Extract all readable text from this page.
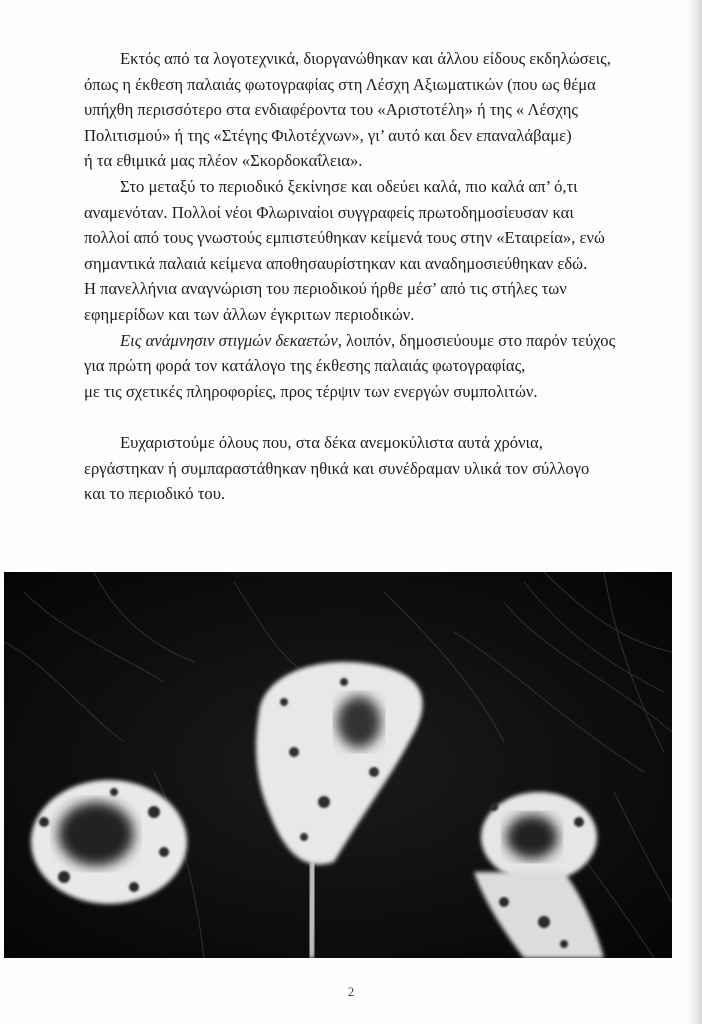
Εκτός από τα λογοτεχνικά, διοργανώθηκαν και άλλου είδους εκδηλώσεις,
όπως η έκθεση παλαιάς φωτογραφίας στη Λέσχη Αξιωματικών (που ως θέμα
υπήχθη περισσότερο στα ενδιαφέροντα του «Αριστοτέλη» ή της « Λέσχης
Πολιτισμού» ή της «Στέγης Φιλοτέχνων», γι’ αυτό και δεν επαναλάβαμε)
ή τα εθιμικά μας πλέον «Σκορδοκαΐλεια».
Στο μεταξύ το περιοδικό ξεκίνησε και οδεύει καλά, πιο καλά απ’ ό,τι
αναμενόταν. Πολλοί νέοι Φλωριναίοι συγγραφείς πρωτοδημοσίευσαν και
πολλοί από τους γνωστούς εμπιστεύθηκαν κείμενά τους στην «Εταιρεία», ενώ
σημαντικά παλαιά κείμενα αποθησαυρίστηκαν και αναδημοσιεύθηκαν εδώ.
Η πανελλήνια αναγνώριση του περιοδικού ήρθε μέσ’ από τις στήλες των
εφημερίδων και των άλλων έγκριτων περιοδικών.
Εις ανάμνησιν στιγμών δεκαετών, λοιπόν, δημοσιεύουμε στο παρόν τεύχος
για πρώτη φορά τον κατάλογο της έκθεσης παλαιάς φωτογραφίας,
με τις σχετικές πληροφορίες, προς τέρψιν των ενεργών συμπολιτών.
Ευχαριστούμε όλους που, στα δέκα ανεμοκύλιστα αυτά χρόνια,
εργάστηκαν ή συμπαραστάθηκαν ηθικά και συνέδραμαν υλικά τον σύλλογο
και το περιοδικό του.
2
